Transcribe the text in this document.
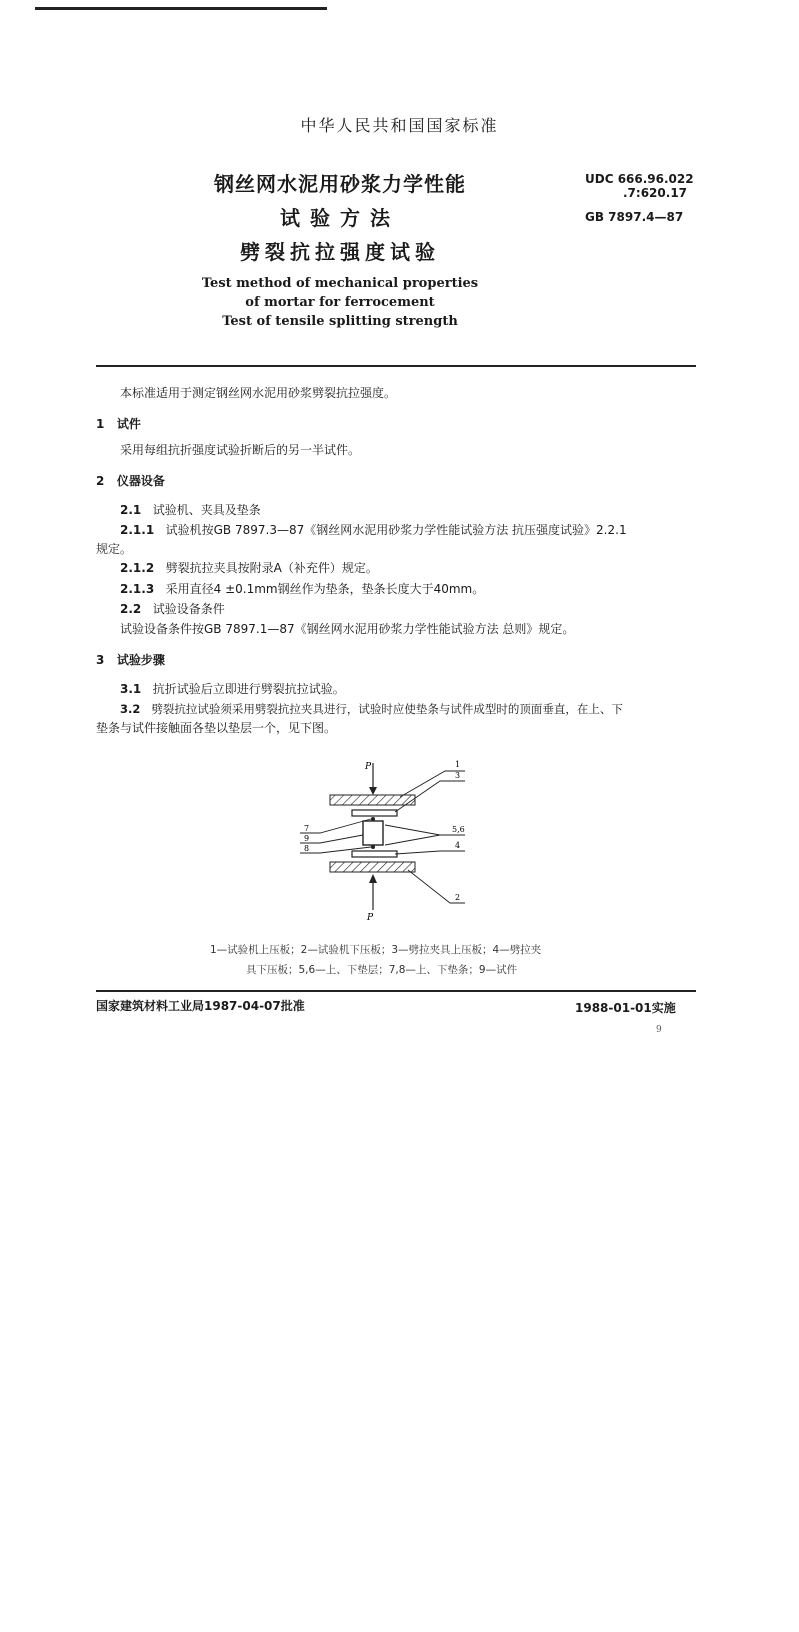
中华人民共和国国家标准
钢丝网水泥用砂浆力学性能
试验方法
劈裂抗拉强度试验
Test method of mechanical properties
of mortar for ferrocement
Test of tensile splitting strength
UDC 666.96.022
.7:620.17
GB 7897.4—87
本标准适用于测定钢丝网水泥用砂浆劈裂抗拉强度。
1 试件
采用每组抗折强度试验折断后的另一半试件。
2 仪器设备
2.1 试验机、夹具及垫条
2.1.1 试验机按GB 7897.3—87《钢丝网水泥用砂浆力学性能试验方法 抗压强度试验》2.2.1
规定。
2.1.2 劈裂抗拉夹具按附录A（补充件）规定。
2.1.3 采用直径4 ±0.1mm钢丝作为垫条，垫条长度大于40mm。
2.2 试验设备条件
试验设备条件按GB 7897.1—87《钢丝网水泥用砂浆力学性能试验方法 总则》规定。
3 试验步骤
3.1 抗折试验后立即进行劈裂抗拉试验。
3.2 劈裂抗拉试验须采用劈裂抗拉夹具进行，试验时应使垫条与试件成型时的顶面垂直，在上、下
垫条与试件接触面各垫以垫层一个，见下图。
P
P
1
3
5,6
4
2
7
9
8
1—试验机上压板；2—试验机下压板；3—劈拉夹具上压板；4—劈拉夹
具下压板；5,6—上、下垫层；7,8—上、下垫条；9—试件
国家建筑材料工业局1987-04-07批准	1988-01-01实施
9
